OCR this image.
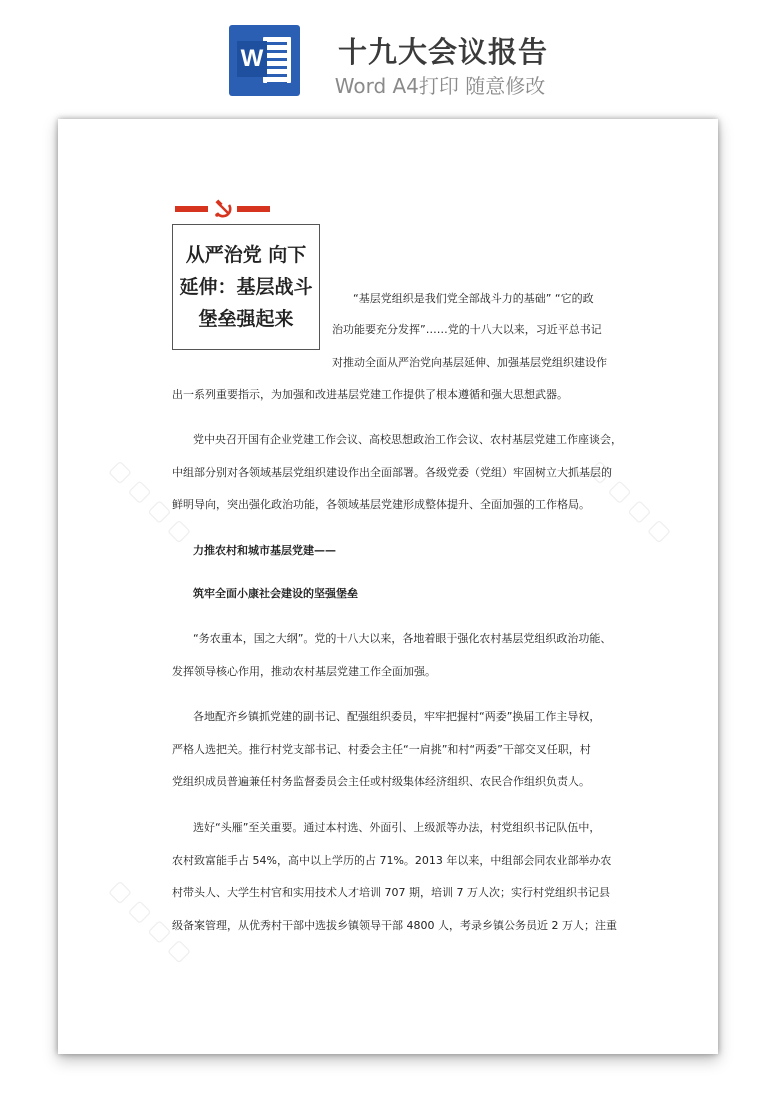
W	十九大会议报告
Word A4打印 随意修改
▢ ▢ ▢ ▢	▢ ▢ ▢ ▢
▢ ▢ ▢ ▢
从严治党 向下延伸：基层战斗堡垒强起来
“基层党组织是我们党全部战斗力的基础” “它的政
治功能要充分发挥”……党的十八大以来，习近平总书记
对推动全面从严治党向基层延伸、加强基层党组织建设作
出一系列重要指示，为加强和改进基层党建工作提供了根本遵循和强大思想武器。
党中央召开国有企业党建工作会议、高校思想政治工作会议、农村基层党建工作座谈会，
中组部分别对各领域基层党组织建设作出全面部署。各级党委（党组）牢固树立大抓基层的
鲜明导向，突出强化政治功能，各领域基层党建形成整体提升、全面加强的工作格局。
力推农村和城市基层党建——
筑牢全面小康社会建设的坚强堡垒
“务农重本，国之大纲”。党的十八大以来，各地着眼于强化农村基层党组织政治功能、
发挥领导核心作用，推动农村基层党建工作全面加强。
各地配齐乡镇抓党建的副书记、配强组织委员，牢牢把握村“两委”换届工作主导权，
严格人选把关。推行村党支部书记、村委会主任“一肩挑”和村“两委”干部交叉任职，村
党组织成员普遍兼任村务监督委员会主任或村级集体经济组织、农民合作组织负责人。
选好“头雁”至关重要。通过本村选、外面引、上级派等办法，村党组织书记队伍中，
农村致富能手占 54%，高中以上学历的占 71%。2013 年以来，中组部会同农业部举办农
村带头人、大学生村官和实用技术人才培训 707 期，培训 7 万人次；实行村党组织书记县
级备案管理，从优秀村干部中选拔乡镇领导干部 4800 人，考录乡镇公务员近 2 万人；注重
